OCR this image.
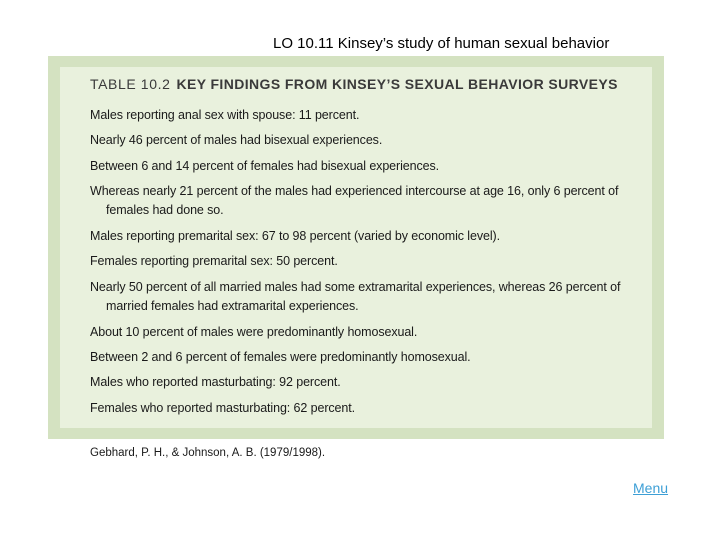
LO 10.11 Kinsey’s study of human sexual behavior
TABLE 10.2 KEY FINDINGS FROM KINSEY’S SEXUAL BEHAVIOR SURVEYS
Males reporting anal sex with spouse: 11 percent.
Nearly 46 percent of males had bisexual experiences.
Between 6 and 14 percent of females had bisexual experiences.
Whereas nearly 21 percent of the males had experienced intercourse at age 16, only 6 percent of females had done so.
Males reporting premarital sex: 67 to 98 percent (varied by economic level).
Females reporting premarital sex: 50 percent.
Nearly 50 percent of all married males had some extramarital experiences, whereas 26 percent of married females had extramarital experiences.
About 10 percent of males were predominantly homosexual.
Between 2 and 6 percent of females were predominantly homosexual.
Males who reported masturbating: 92 percent.
Females who reported masturbating: 62 percent.
Gebhard, P. H., & Johnson, A. B. (1979/1998).
Menu
